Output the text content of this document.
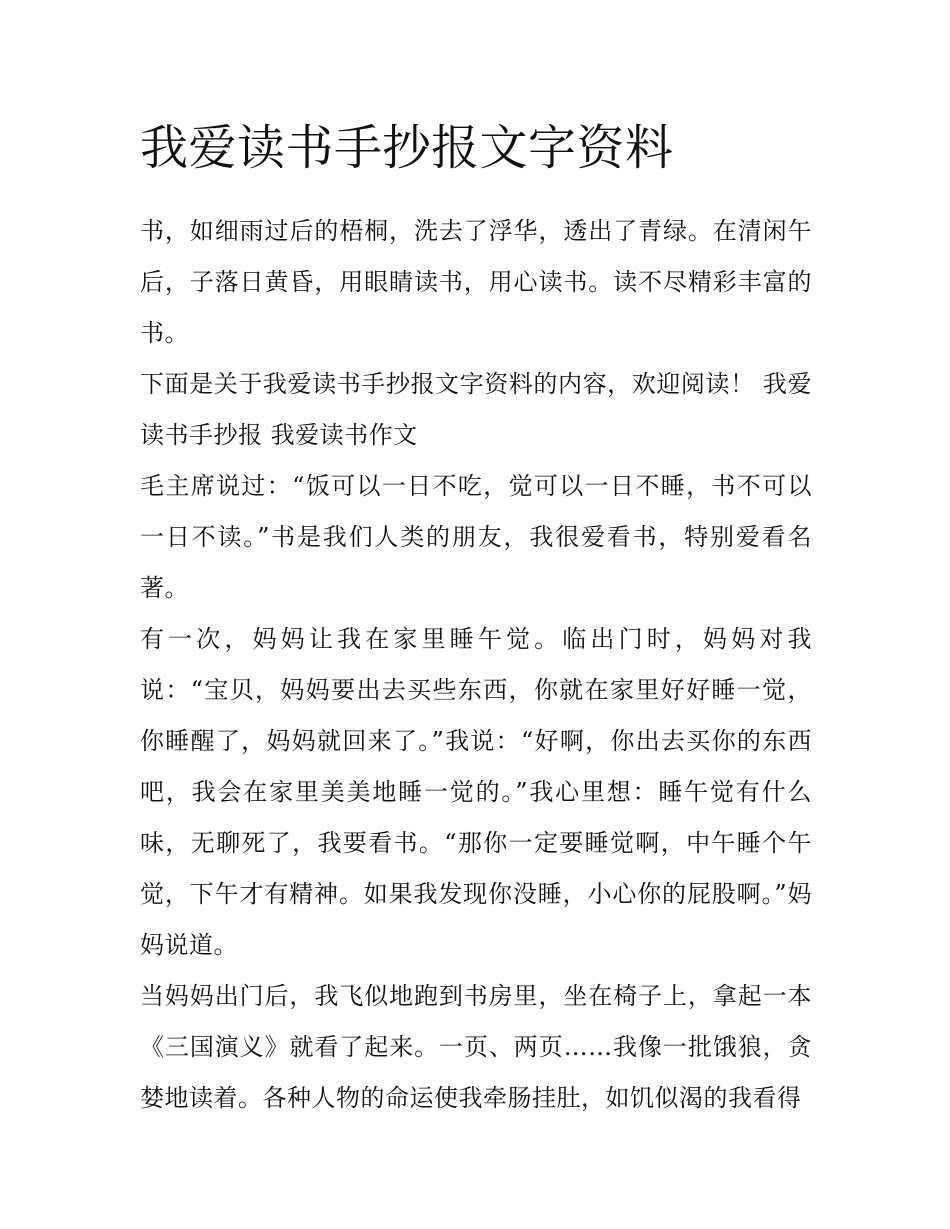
我爱读书手抄报文字资料

书，如细雨过后的梧桐，洗去了浮华，透出了青绿。在清闲午后，子落日黄昏，用眼睛读书，用心读书。读不尽精彩丰富的书。

下面是关于我爱读书手抄报文字资料的内容，欢迎阅读！ 我爱读书手抄报 我爱读书作文

毛主席说过：“饭可以一日不吃，觉可以一日不睡，书不可以一日不读。”书是我们人类的朋友，我很爱看书，特别爱看名著。

有一次，妈妈让我在家里睡午觉。临出门时，妈妈对我说：“宝贝，妈妈要出去买些东西，你就在家里好好睡一觉，你睡醒了，妈妈就回来了。”我说：“好啊，你出去买你的东西吧，我会在家里美美地睡一觉的。”我心里想：睡午觉有什么味，无聊死了，我要看书。“那你一定要睡觉啊，中午睡个午觉，下午才有精神。如果我发现你没睡，小心你的屁股啊。”妈妈说道。

当妈妈出门后，我飞似地跑到书房里，坐在椅子上，拿起一本《三国演义》就看了起来。一页、两页……我像一批饿狼，贪婪地读着。各种人物的命运使我牵肠挂肚，如饥似渴的我看得
